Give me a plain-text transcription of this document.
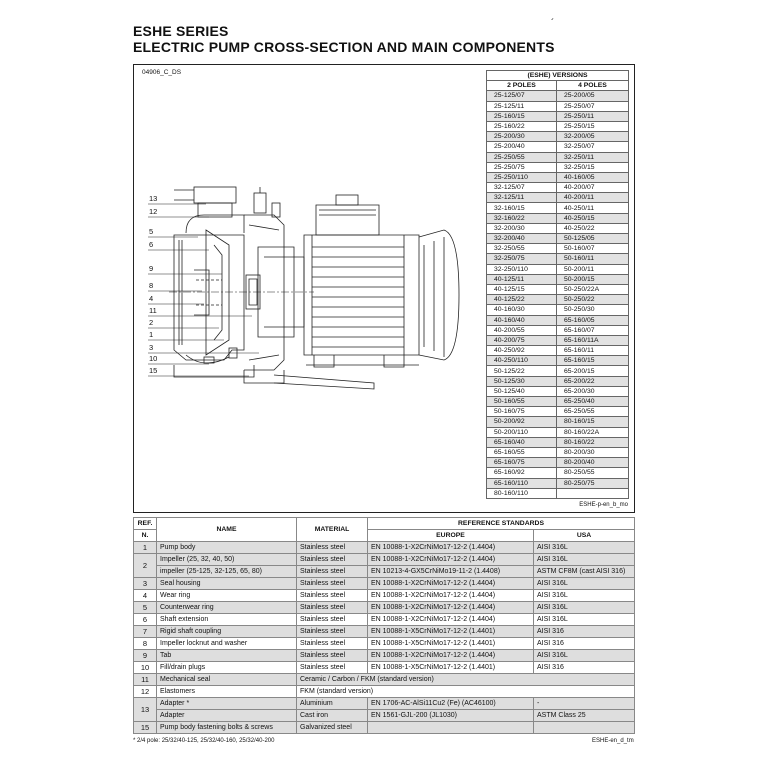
ESHE SERIES
ELECTRIC PUMP CROSS-SECTION AND MAIN COMPONENTS
´
04906_C_DS
13
12
5
6
9
8
4
11
2
1
3
10
15
(ESHE) VERSIONS	
2 POLES	4 POLES
25-125/07	25-200/05
25-125/11	25-250/07
25-160/15	25-250/11
25-160/22	25-250/15
25-200/30	32-200/05
25-200/40	32-250/07
25-250/55	32-250/11
25-250/75	32-250/15
25-250/110	40-160/05
32-125/07	40-200/07
32-125/11	40-200/11
32-160/15	40-250/11
32-160/22	40-250/15
32-200/30	40-250/22
32-200/40	50-125/05
32-250/55	50-160/07
32-250/75	50-160/11
32-250/110	50-200/11
40-125/11	50-200/15
40-125/15	50-250/22A
40-125/22	50-250/22
40-160/30	50-250/30
40-160/40	65-160/05
40-200/55	65-160/07
40-200/75	65-160/11A
40-250/92	65-160/11
40-250/110	65-160/15
50-125/22	65-200/15
50-125/30	65-200/22
50-125/40	65-200/30
50-160/55	65-250/40
50-160/75	65-250/55
50-200/92	80-160/15
50-200/110	80-160/22A
65-160/40	80-160/22
65-160/55	80-200/30
65-160/75	80-200/40
65-160/92	80-250/55
65-160/110	80-250/75
80-160/110	
ESHE-p-en_b_mo
REF.	NAME	MATERIAL	REFERENCE STANDARDS	
N.			EUROPE	USA
1	Pump body	Stainless steel	EN 10088-1-X2CrNiMo17-12-2 (1.4404)	AISI 316L
2	Impeller (25, 32, 40, 50)	Stainless steel	EN 10088-1-X2CrNiMo17-12-2 (1.4404)	AISI 316L
	impeller (25-125, 32-125, 65, 80)	Stainless steel	EN 10213-4-GX5CrNiMo19-11-2 (1.4408)	ASTM CF8M (cast AISI 316)
3	Seal housing	Stainless steel	EN 10088-1-X2CrNiMo17-12-2 (1.4404)	AISI 316L
4	Wear ring	Stainless steel	EN 10088-1-X2CrNiMo17-12-2 (1.4404)	AISI 316L
5	Counterwear ring	Stainless steel	EN 10088-1-X2CrNiMo17-12-2 (1.4404)	AISI 316L
6	Shaft extension	Stainless steel	EN 10088-1-X2CrNiMo17-12-2 (1.4404)	AISI 316L
7	Rigid shaft coupling	Stainless steel	EN 10088-1-X5CrNiMo17-12-2 (1.4401)	AISI 316
8	Impeller locknut and washer	Stainless steel	EN 10088-1-X5CrNiMo17-12-2 (1.4401)	AISI 316
9	Tab	Stainless steel	EN 10088-1-X2CrNiMo17-12-2 (1.4404)	AISI 316L
10	Fill/drain plugs	Stainless steel	EN 10088-1-X5CrNiMo17-12-2 (1.4401)	AISI 316
11	Mechanical seal	Ceramic / Carbon / FKM (standard version)		
12	Elastomers	FKM (standard version)		
13	Adapter *	Aluminium	EN 1706-AC-AlSi11Cu2 (Fe) (AC46100)	-
	Adapter	Cast iron	EN 1561-GJL-200 (JL1030)	ASTM Class 25
15	Pump body fastening bolts & screws	Galvanized steel		
* 2/4 pole: 25/32/40-125, 25/32/40-160, 25/32/40-200	ESHE-en_d_tm
